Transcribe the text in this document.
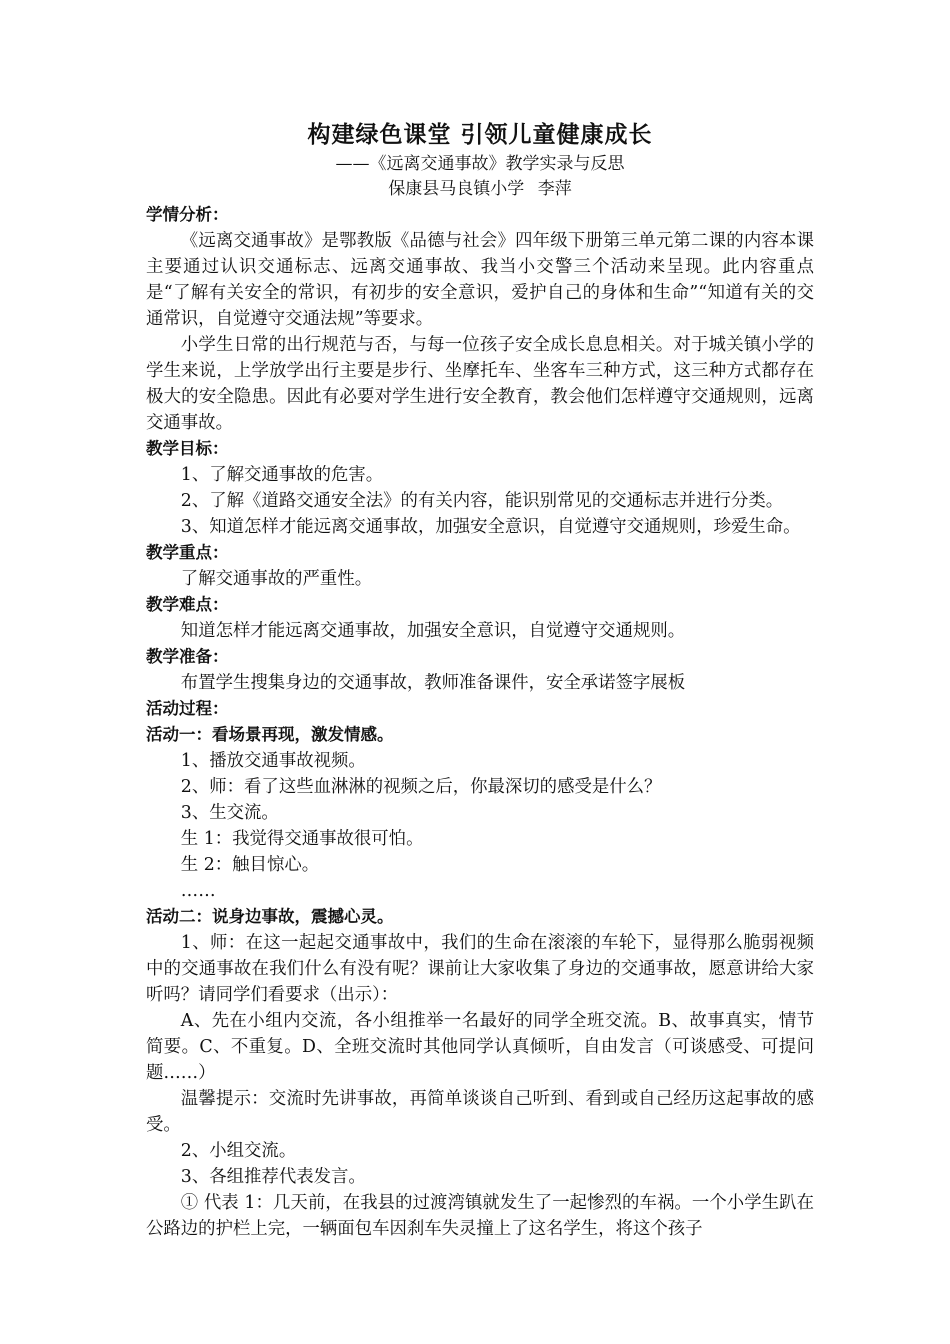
构建绿色课堂 引领儿童健康成长

——《远离交通事故》教学实录与反思

保康县马良镇小学 李萍

学情分析：

《远离交通事故》是鄂教版《品德与社会》四年级下册第三单元第二课的内容本课主要通过认识交通标志、远离交通事故、我当小交警三个活动来呈现。此内容重点是“了解有关安全的常识，有初步的安全意识，爱护自己的身体和生命”“知道有关的交通常识，自觉遵守交通法规”等要求。

小学生日常的出行规范与否，与每一位孩子安全成长息息相关。对于城关镇小学的学生来说，上学放学出行主要是步行、坐摩托车、坐客车三种方式，这三种方式都存在极大的安全隐患。因此有必要对学生进行安全教育，教会他们怎样遵守交通规则，远离交通事故。

教学目标：

1、了解交通事故的危害。

2、了解《道路交通安全法》的有关内容，能识别常见的交通标志并进行分类。

3、知道怎样才能远离交通事故，加强安全意识，自觉遵守交通规则，珍爱生命。

教学重点：

了解交通事故的严重性。

教学难点：

知道怎样才能远离交通事故，加强安全意识，自觉遵守交通规则。

教学准备：

布置学生搜集身边的交通事故，教师准备课件，安全承诺签字展板

活动过程：

活动一：看场景再现，激发情感。

1、播放交通事故视频。

2、师：看了这些血淋淋的视频之后，你最深切的感受是什么？

3、生交流。

生 1：我觉得交通事故很可怕。

生 2：触目惊心。

……

活动二：说身边事故，震撼心灵。

1、师：在这一起起交通事故中，我们的生命在滚滚的车轮下，显得那么脆弱视频中的交通事故在我们什么有没有呢？课前让大家收集了身边的交通事故，愿意讲给大家听吗？请同学们看要求（出示）：

A、先在小组内交流，各小组推举一名最好的同学全班交流。B、故事真实，情节简要。C、不重复。D、全班交流时其他同学认真倾听，自由发言（可谈感受、可提问题……）

温馨提示：交流时先讲事故，再简单谈谈自己听到、看到或自己经历这起事故的感受。

2、小组交流。

3、各组推荐代表发言。

① 代表 1：几天前，在我县的过渡湾镇就发生了一起惨烈的车祸。一个小学生趴在公路边的护栏上完，一辆面包车因刹车失灵撞上了这名学生，将这个孩子
